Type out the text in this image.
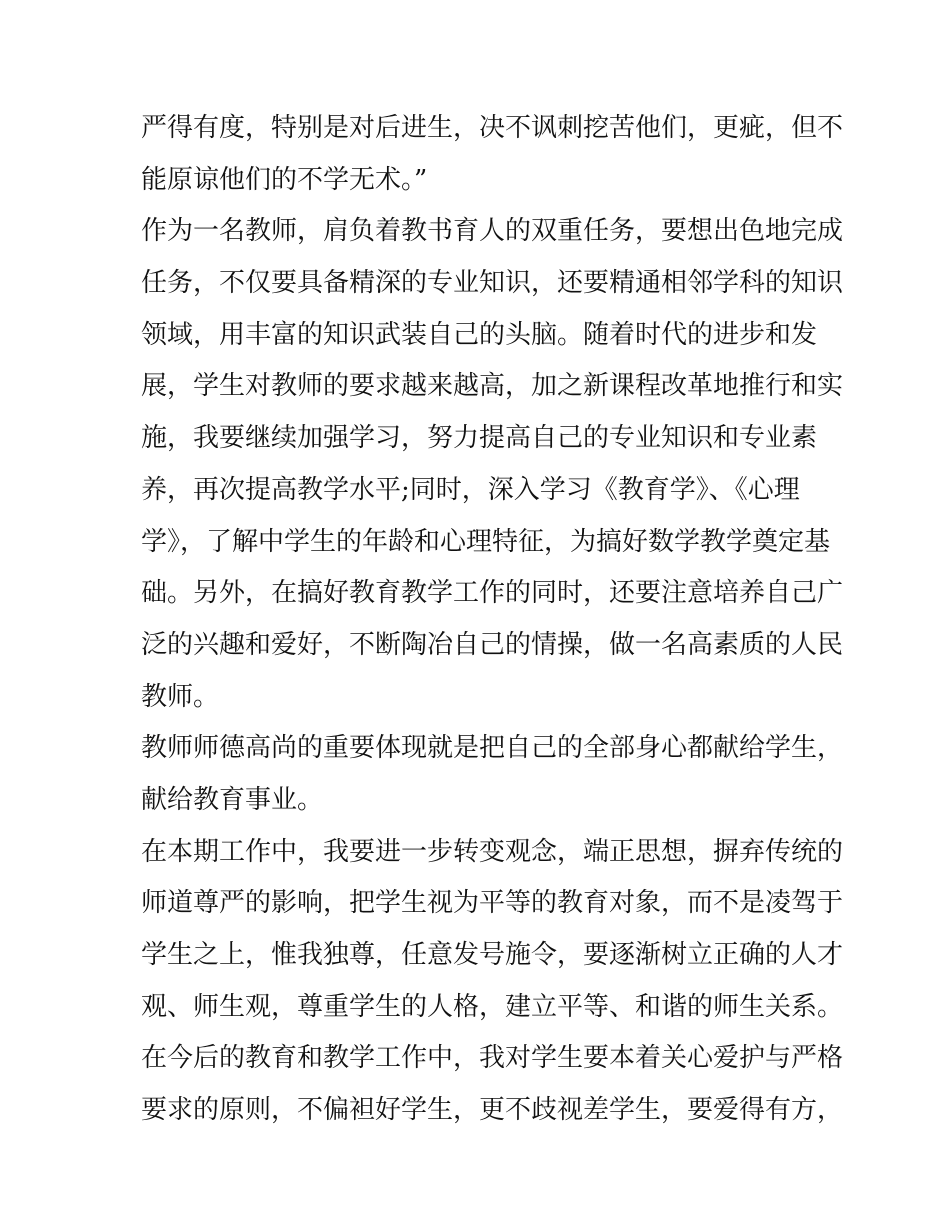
严得有度，特别是对后进生，决不讽刺挖苦他们，更疵，但不
能原谅他们的不学无术。”
作为一名教师，肩负着教书育人的双重任务，要想出色地完成
任务，不仅要具备精深的专业知识，还要精通相邻学科的知识
领域，用丰富的知识武装自己的头脑。随着时代的进步和发
展，学生对教师的要求越来越高，加之新课程改革地推行和实
施，我要继续加强学习，努力提高自己的专业知识和专业素
养，再次提高教学水平;同时，深入学习《教育学》、《心理
学》，了解中学生的年龄和心理特征，为搞好数学教学奠定基
础。另外，在搞好教育教学工作的同时，还要注意培养自己广
泛的兴趣和爱好，不断陶冶自己的情操，做一名高素质的人民
教师。
教师师德高尚的重要体现就是把自己的全部身心都献给学生，
献给教育事业。
在本期工作中，我要进一步转变观念，端正思想，摒弃传统的
师道尊严的影响，把学生视为平等的教育对象，而不是凌驾于
学生之上，惟我独尊，任意发号施令，要逐渐树立正确的人才
观、师生观，尊重学生的人格，建立平等、和谐的师生关系。
在今后的教育和教学工作中，我对学生要本着关心爱护与严格
要求的原则，不偏袒好学生，更不歧视差学生，要爱得有方，
